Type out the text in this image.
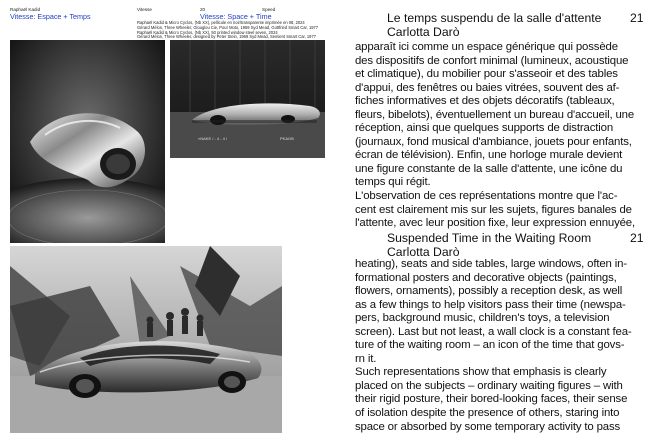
Raphaël Kadid
Vitesse: Espace + Temps
Vitesse	20	Speed
Vitesse: Space + Time
Raphaël Kadid & Micro Cyclos, (Nb XX), pellicule en noir/transparente imprimée en 08, 2024
Gérard Mélon, Three Wheeler, Glouglou Cie, Pour Moto, 1969 Syd Mead, Gottfried Smart Car, 1977
Raphaël Kadid & Micro Cyclos, (Nb XX), 50 printed window steel seven, 2024
Gérard Mélon, Three Wheeler, designed by Peter Stein, 1969 Syd Mead, Sentient Smart Car, 1977
«NAKE / - 4 - 4 /	PKAGB
Le temps suspendu de la salle d'attente
Carlotta Darò
21
apparaît ici comme un espace générique qui possède
des dispositifs de confort minimal (lumineux, acoustique
et climatique), du mobilier pour s'asseoir et des tables
d'appui, des fenêtres ou baies vitrées, souvent des af-
fiches informatives et des objets décoratifs (tableaux,
fleurs, bibelots), éventuellement un bureau d'accueil, une
réception, ainsi que quelques supports de distraction
(journaux, fond musical d'ambiance, jouets pour enfants,
écran de télévision). Enfin, une horloge murale devient
une figure constante de la salle d'attente, une icône du
temps qui régit.
L'observation de ces représentations montre que l'ac-
cent est clairement mis sur les sujets, figures banales de
l'attente, avec leur position fixe, leur expression ennuyée,
Suspended Time in the Waiting Room
Carlotta Darò
21
heating), seats and side tables, large windows, often in-
formational posters and decorative objects (paintings,
flowers, ornaments), possibly a reception desk, as well
as a few things to help visitors pass their time (newspa-
pers, background music, children's toys, a television
screen). Last but not least, a wall clock is a constant fea-
ture of the waiting room – an icon of the time that govs-
rn it.
Such representations show that emphasis is clearly
placed on the subjects – ordinary waiting figures – with
their rigid posture, their bored-looking faces, their sense
of isolation despite the presence of others, staring into
space or absorbed by some temporary activity to pass
